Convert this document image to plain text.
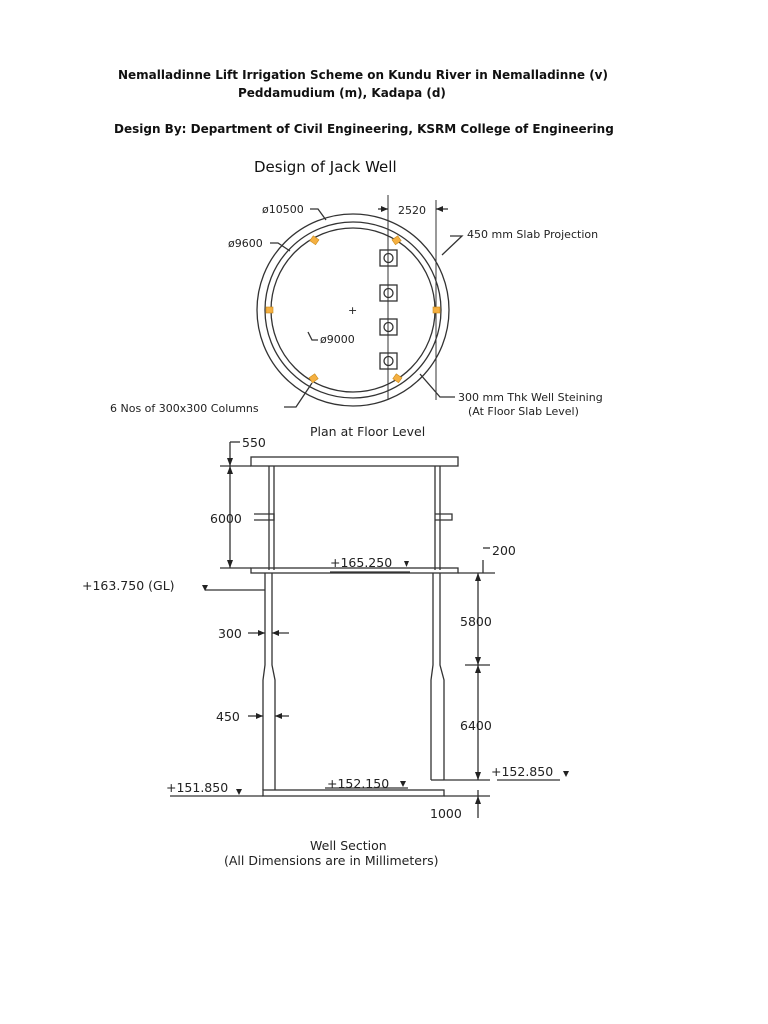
Nemalladinne Lift Irrigation Scheme on Kundu River in Nemalladinne (v)
Peddamudium (m), Kadapa (d)
Design By: Department of Civil Engineering, KSRM College of Engineering
Design of Jack Well
ø10500
ø9600
ø9000
2520
450 mm Slab Projection
6 Nos of 300x300 Columns
300 mm Thk Well Steining
(At Floor Slab Level)
+
Plan at Floor Level
550
6000
+165.250
200
+163.750 (GL)
300
5800
6400
450
+152.850
+151.850	+152.150
1000
Well Section
(All Dimensions are in Millimeters)
